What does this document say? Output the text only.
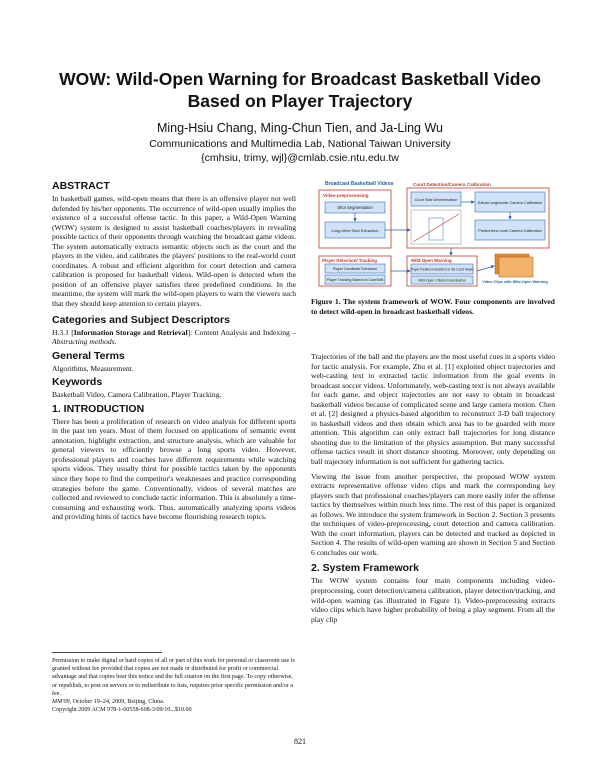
WOW: Wild-Open Warning for Broadcast Basketball Video
Based on Player Trajectory
Ming-Hsiu Chang, Ming-Chun Tien, and Ja-Ling Wu
Communications and Multimedia Lab, National Taiwan University
{cmhsiu, trimy, wjl}@cmlab.csie.ntu.edu.tw
ABSTRACT

In basketball games, wild-open means that there is an offensive player not well defended by his/her opponents. The occurrence of wild-open usually implies the existence of a successful offense tactic. In this paper, a Wild-Open Warning (WOW) system is designed to assist basketball coaches/players in revealing possible tactics of their opponents through watching the broadcast game videos. The system automatically extracts semantic objects such as the court and the players in the video, and calibrates the players' positions to the real-world court coordinates. A robust and efficient algorithm for court detection and camera calibration is proposed for basketball videos. Wild-open is detected when the position of an offensive player satisfies three predefined conditions. In the meantime, the system will mark the wild-open players to warn the viewers such that they should keep attention to certain players.

Categories and Subject Descriptors

H.3.1 [Information Storage and Retrieval]: Content Analysis and Indexing – Abstracting methods.

General Terms

Algorithms, Measurement.

Keywords

Basketball Video, Camera Calibration, Player Tracking.

1. INTRODUCTION

There has been a proliferation of research on video analysis for different sports in the past ten years. Most of them focused on applications of semantic event annotation, highlight extraction, and structure analysis, which are valuable for general viewers to efficiently browse a long sports video. However, professional players and coaches have different requirements while watching sports videos. They usually thirst for possible tactics taken by the opponents since they hope to find the competitor's weaknesses and practice corresponding strategies before the game. Conventionally, videos of several matches are collected and reviewed to conclude tactic information. This is absolutely a time-consuming and exhausting work. Thus, automatically analyzing sports videos and providing hints of tactics have become flourishing research topics.

Permission to make digital or hard copies of all or part of this work for personal or classroom use is granted without fee provided that copies are not made or distributed for profit or commercial advantage and that copies bear this notice and the full citation on the first page. To copy otherwise, or republish, to post on servers or to redistribute to lists, requires prior specific permission and/or a fee.

MM'09, October 19–24, 2009, Beijing, China.

Copyright 2009 ACM 978-1-60558-608-3/09/10...$10.00

Broadcast Basketball Videos
Video-preprocessing
Shot Segmentation
Long-View Shot Extraction
Court Detection/Camera Calibration
Court Side Determination
Extract anginnode Camera Calibration
Predict-time node Camera Calibration
Player Detection/ Tracking
Player Candidate Extraction
Player Tracking Based on CamShift
Wild-Open Warning
Player Position Extraction in the Court Model
Wild-Open Criteria Examination	Video Clips with Wild-Open Warning
Figure 1. The system framework of WOW. Four components are involved to detect wild-open in broadcast basketball videos.

Trajectories of the ball and the players are the most useful cues in a sports video for tactic analysis. For example, Zhu et al. [1] exploited object trajectories and web-casting text to extracted tactic information from the goal events in broadcast soccer videos. Unfortunately, web-casting text is not always available for each game, and object trajectories are not easy to obtain in broadcast basketball videos because of complicated scene and large camera motion. Chen et al. [2] designed a physics-based algorithm to reconstruct 3-D ball trajectory in basketball videos and then obtain which area has to be guarded with more attention. This algorithm can only extract ball trajectories for long distance shooting due to the limitation of the physics assumption. But many successful offense tactics result in short distance shooting. Moreover, only depending on ball trajectory information is not sufficient for gathering tactics.

Viewing the issue from another perspective, the proposed WOW system extracts representative offense video clips and mark the corresponding key players such that professional coaches/players can more easily infer the offense tactics by themselves within much less time. The rest of this paper is organized as follows. We introduce the system framework in Section 2. Section 3 presents the techniques of video-preprocessing, court detection and camera calibration. With the court information, players can be detected and tracked as depicted in Section 4. The results of wild-open warning are shown in Section 5 and Section 6 concludes our work.

2. System Framework

The WOW system contains four main components including video-preprocessing, court detection/camera calibration, player detection/tracking, and wild-open warning (as illustrated in Figure 1). Video-preprocessing extracts video clips which have higher probability of being a play segment. From all the play clip

821
